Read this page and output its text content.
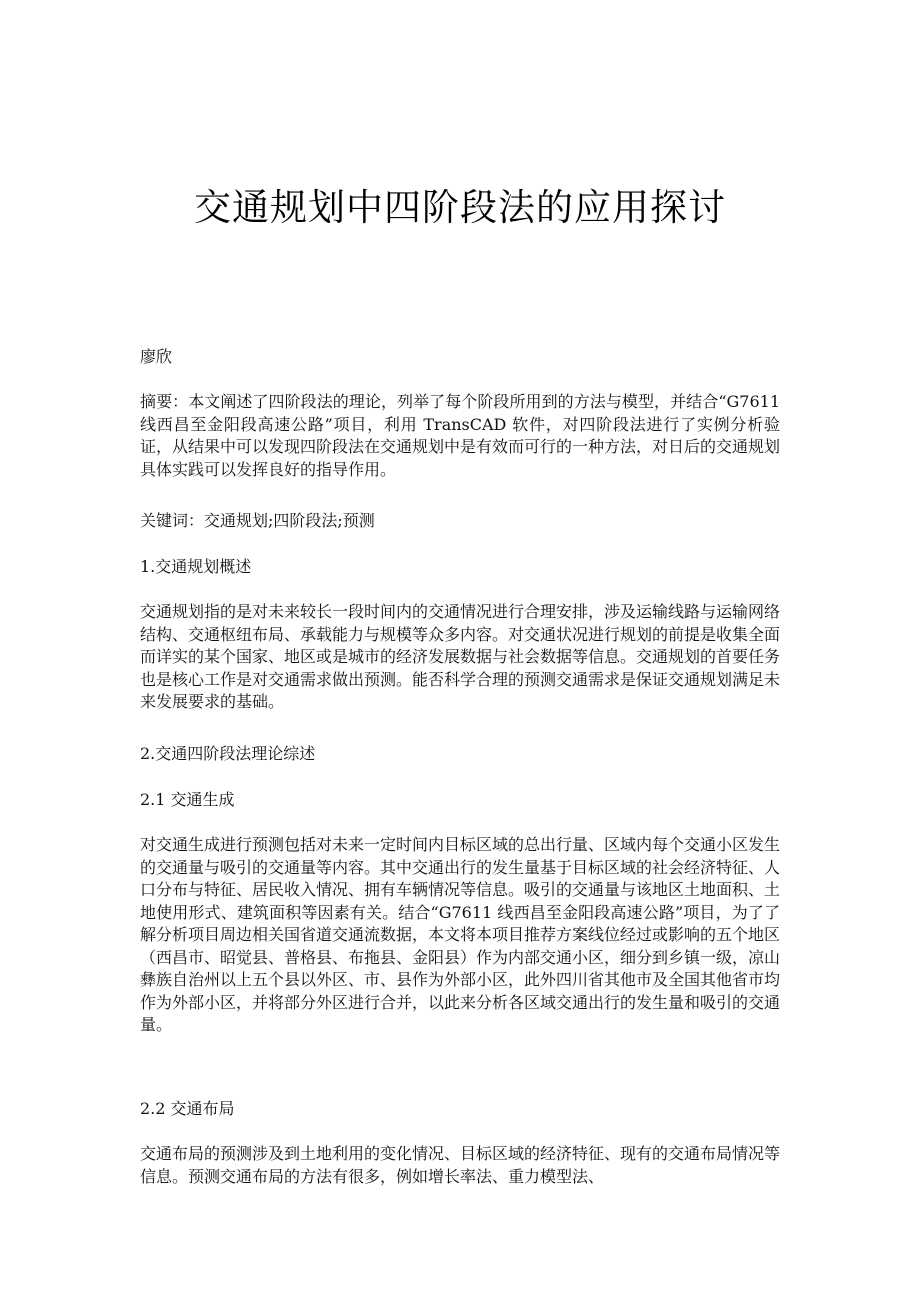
交通规划中四阶段法的应用探讨

廖欣

摘要：本文阐述了四阶段法的理论，列举了每个阶段所用到的方法与模型，并结合“G7611 线西昌至金阳段高速公路”项目，利用 TransCAD 软件，对四阶段法进行了实例分析验证，从结果中可以发现四阶段法在交通规划中是有效而可行的一种方法，对日后的交通规划具体实践可以发挥良好的指导作用。

关键词：交通规划;四阶段法;预测

1.交通规划概述

交通规划指的是对未来较长一段时间内的交通情况进行合理安排，涉及运输线路与运输网络结构、交通枢纽布局、承载能力与规模等众多内容。对交通状况进行规划的前提是收集全面而详实的某个国家、地区或是城市的经济发展数据与社会数据等信息。交通规划的首要任务也是核心工作是对交通需求做出预测。能否科学合理的预测交通需求是保证交通规划满足未来发展要求的基础。

2.交通四阶段法理论综述

2.1 交通生成

对交通生成进行预测包括对未来一定时间内目标区域的总出行量、区域内每个交通小区发生的交通量与吸引的交通量等内容。其中交通出行的发生量基于目标区域的社会经济特征、人口分布与特征、居民收入情况、拥有车辆情况等信息。吸引的交通量与该地区土地面积、土地使用形式、建筑面积等因素有关。结合“G7611 线西昌至金阳段高速公路”项目，为了了解分析项目周边相关国省道交通流数据，本文将本项目推荐方案线位经过或影响的五个地区（西昌市、昭觉县、普格县、布拖县、金阳县）作为内部交通小区，细分到乡镇一级，凉山彝族自治州以上五个县以外区、市、县作为外部小区，此外四川省其他市及全国其他省市均作为外部小区，并将部分外区进行合并，以此来分析各区域交通出行的发生量和吸引的交通量。

2.2 交通布局

交通布局的预测涉及到土地利用的变化情况、目标区域的经济特征、现有的交通布局情况等信息。预测交通布局的方法有很多，例如增长率法、重力模型法、
